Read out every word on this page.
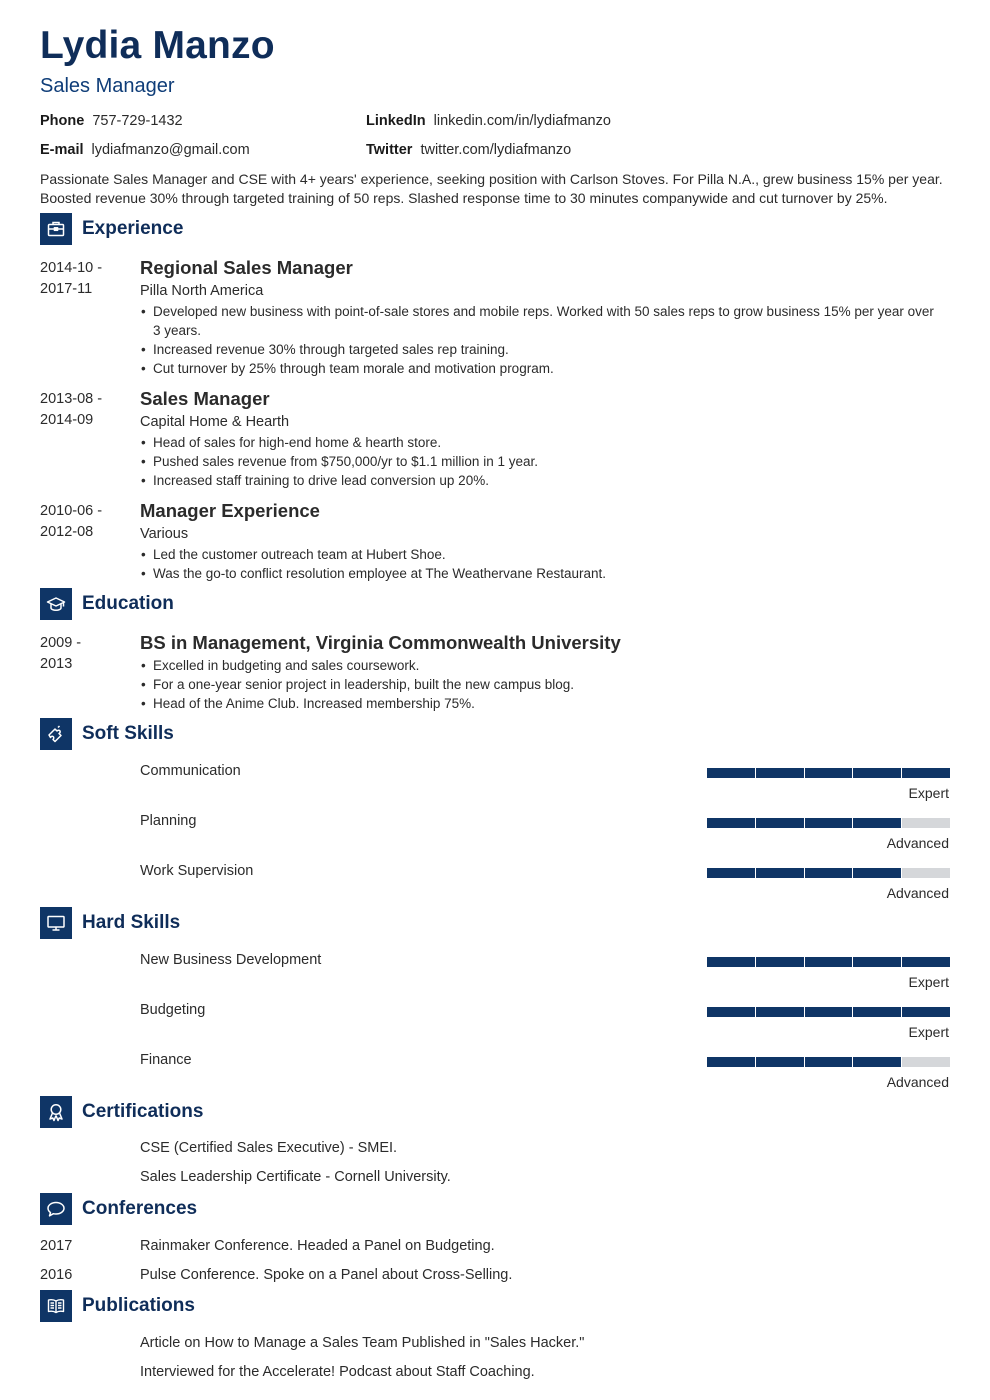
Lydia Manzo
Sales Manager
Phone 757-729-1432	LinkedIn linkedin.com/in/lydiafmanzo
E-mail lydiafmanzo@gmail.com	Twitter twitter.com/lydiafmanzo
Passionate Sales Manager and CSE with 4+ years' experience, seeking position with Carlson Stoves. For Pilla N.A., grew business 15% per year. Boosted revenue 30% through targeted training of 50 reps. Slashed response time to 30 minutes companywide and cut turnover by 25%.
Experience
2014-10 -
2017-11
Regional Sales Manager
Pilla North America
• Developed new business with point-of-sale stores and mobile reps. Worked with 50 sales reps to grow business 15% per year over 3 years.
• Increased revenue 30% through targeted sales rep training.
• Cut turnover by 25% through team morale and motivation program.
2013-08 -
2014-09
Sales Manager
Capital Home & Hearth
• Head of sales for high-end home & hearth store.
• Pushed sales revenue from $750,000/yr to $1.1 million in 1 year.
• Increased staff training to drive lead conversion up 20%.
2010-06 -
2012-08
Manager Experience
Various
• Led the customer outreach team at Hubert Shoe.
• Was the go-to conflict resolution employee at The Weathervane Restaurant.
Education
2009 -
2013
BS in Management, Virginia Commonwealth University
• Excelled in budgeting and sales coursework.
• For a one-year senior project in leadership, built the new campus blog.
• Head of the Anime Club. Increased membership 75%.
Soft Skills
Communication
Expert
Planning
Advanced
Work Supervision
Advanced
Hard Skills
New Business Development
Expert
Budgeting
Expert
Finance
Advanced
Certifications
CSE (Certified Sales Executive) - SMEI.
Sales Leadership Certificate - Cornell University.
Conferences
2017	Rainmaker Conference. Headed a Panel on Budgeting.
2016	Pulse Conference. Spoke on a Panel about Cross-Selling.
Publications
Article on How to Manage a Sales Team Published in "Sales Hacker."
Interviewed for the Accelerate! Podcast about Staff Coaching.
